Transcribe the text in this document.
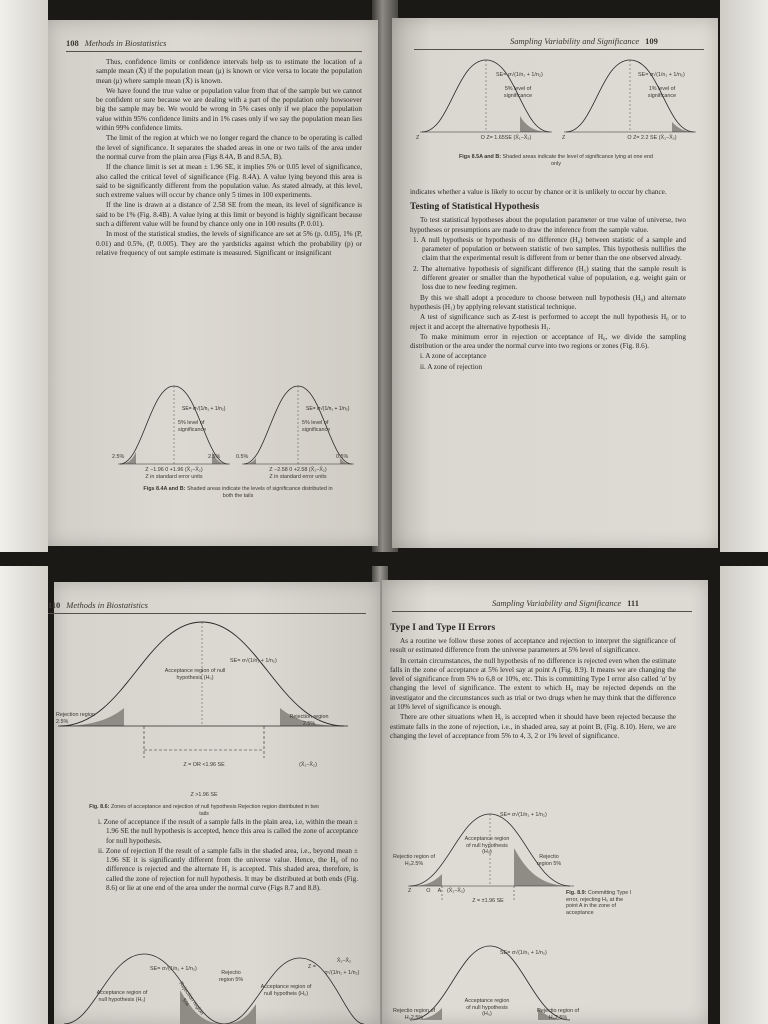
108 Methods in Biostatistics

Thus, confidence limits or confidence intervals help us to estimate the location of a sample mean (X̄) if the population mean (μ) is known or vice versa to locate the population mean (μ) where sample mean (X̄) is known.

We have found the true value or population value from that of the sample but we cannot be confident or sure because we are dealing with a part of the population only howsoever big the sample may be. We would be wrong in 5% cases only if we place the population value within 95% confidence limits and in 1% cases only if we say the population mean lies within 99% confidence limits.

The limit of the region at which we no longer regard the chance to be operating is called the level of significance. It separates the shaded areas in one or two tails of the area under the normal curve from the plain area (Figs 8.4A, B and 8.5A, B).

If the chance limit is set at mean ± 1.96 SE, it implies 5% or 0.05 level of significance, also called the critical level of significance (Fig. 8.4A). A value lying beyond this area is said to be significantly different from the population value. As stated already, at this level, such extreme values will occur by chance only 5 times in 100 experiments.

If the line is drawn at a distance of 2.58 SE from the mean, its level of significance is said to be 1% (Fig. 8.4B). A value lying at this limit or beyond is highly significant because such a different value will be found by chance only one in 100 results (P. 0.01).

In most of the statistical studies, the levels of significance are set at 5% (p. 0.05), 1% (P, 0.01) and 0.5%, (P, 0.005). They are the yardsticks against which the probability (p) or relative frequency of out sample estimate is measured. Significant or insignificant

SE= σ√(1/n₁ + 1/n₂)	SE= σ√(1/n₁ + 1/n₂)
5% level of significance
5% level of significance
2.5%	2.5%	0.5%	0.5%
Z −1.96 0 +1.96 (X̄₁−X̄₂)	Z −2.58 0 +2.58 (X̄₁−X̄₂)
Z in standard error units	Z in standard error units
Figs 8.4A and B: Shaded areas indicate the levels of significance distributed in both the tails
Sampling Variability and Significance 109
SE= σ√(1/n₁ + 1/n₂)
5% level of significance
SE= σ√(1/n₁ + 1/n₂)
1% level of significance
Z	O Z= 1.65SE (X̄₁−X̄₂)	Z	O Z= 2.2 SE (X̄₁−X̄₂)
Figs 8.5A and B: Shaded areas indicate the level of significance lying at one end only

indicates whether a value is likely to occur by chance or it is unlikely to occur by chance.

Testing of Statistical Hypothesis

To test statistical hypotheses about the population parameter or true value of universe, two hypotheses or presumptions are made to draw the inference from the sample value.

1. A null hypothesis or hypothesis of no difference (H₀) between statistic of a sample and parameter of population or between statistic of two samples. This hypothesis nullifies the claim that the experimental result is different from or better than the one observed already.
2. The alternative hypothesis of significant difference (H₁) stating that the sample result is different greater or smaller than the hypothetical value of population, e.g. weight gain or loss due to new feeding regimen.

By this we shall adopt a procedure to choose between null hypothesis (H₀) and alternate hypothesis (H₁) by applying relevant statistical technique.

A test of significance such as Z-test is performed to accept the null hypothesis H₀ or to reject it and accept the alternative hypothesis H₁.

To make minimum error in rejection or acceptance of H₀, we divide the sampling distribution or the area under the normal curve into two regions or zones (Fig. 8.6).

i. A zone of acceptance
ii. A zone of rejection
110 Methods in Biostatistics
SE= σ√(1/n₁ + 1/n₂)
Acceptance region of null hypothesis (H₀)
Rejection region 2.5%
Rejection region 2.5%
Z = OR <1.96 SE	(X̄₁−X̄₂)
Z >1.96 SE
Fig. 8.6: Zones of acceptance and rejection of null hypothesis Rejection region distributed in two tails
i. Zone of acceptance if the result of a sample falls in the plain area, i.e, within the mean ± 1.96 SE the null hypothesis is accepted, hence this area is called the zone of acceptance for null hypothesis.
ii. Zone of rejection If the result of a sample falls in the shaded area, i.e., beyond mean ± 1.96 SE it is significantly different from the universe value. Hence, the H₀ of no difference is rejected and the alternate H₁ is accepted. This shaded area, therefore, is called the zone of rejection for null hypothesis. It may be distributed at both ends (Fig. 8.6) or lie at one end of the area under the normal curve (Figs 8.7 and 8.8).
SE= σ√(1/n₁ + 1/n₂)
Acceptance region of null hypothesis (H₀)	Rejection region 5%
Rejectio region 5%
Acceptance region of null hypotheis (H₀)
Z =
X̄₁−X̄₂
σ√(1/n₁ + 1/n₂)
Sampling Variability and Significance 111
Type I and Type II Errors

As a routine we follow these zones of acceptance and rejection to interpret the significance of result or estimated difference from the universe parameters at 5% level of significance.

In certain circumstances, the null hypothesis of no difference is rejected even when the estimate falls in the zone of acceptance at 5% level say at point A (Fig. 8.9). It means we are changing the level of significance from 5% to 6,8 or 10%, etc. This is committing Type I error also called 'α' by changing the level of significance. The extent to which H₀ may be rejected depends on the investigator and the circumstances such as trial or two drugs when he may think that the difference at 10% level of significance is enough.

There are other situations when H₀ is accepted when it should have been rejected because the estimate falls in the zone of rejection, i.e., in shaded area, say at point B, (Fig. 8.10). Here, we are changing the level of acceptance from 5% to 4, 3, 2 or 1% level of significance.

SE= σ√(1/n₁ + 1/n₂)
Acceptance region of null hypothesis (H₀)
Rejectio region of H₀2.5%
Rejectio region 5%
Z          O     A    (X̄₁−X̄₂)
Z = ±1.96 SE
Fig. 8.9: Committing Type I error, rejecting H₀ at the point A in the zone of acceptance
SE= σ√(1/n₁ + 1/n₂)
Acceptance region of null hypothesis (H₀)
Rejectio region of H₀2.5%
Rejectio region of H₀2.5%
